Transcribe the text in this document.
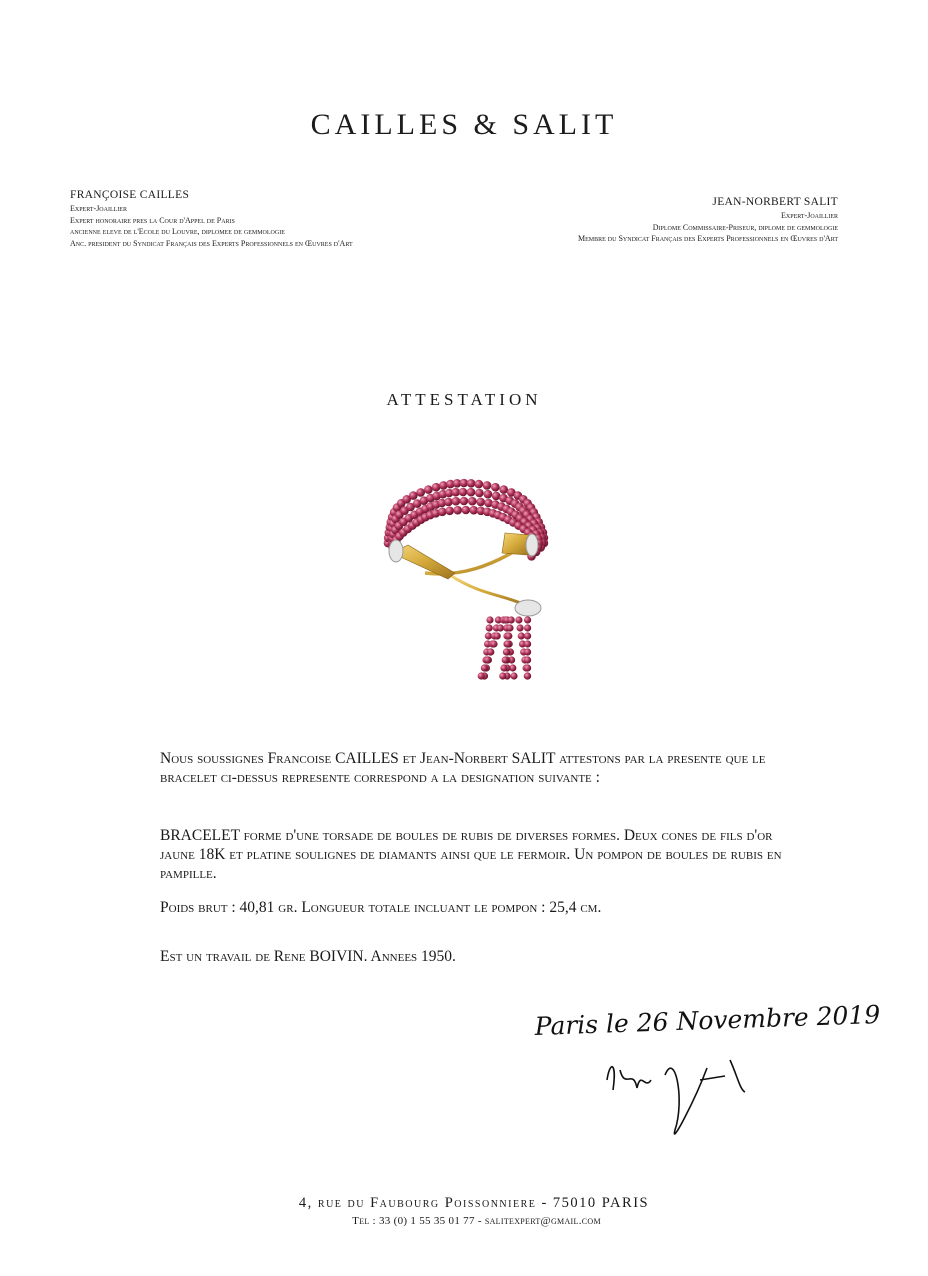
CAILLES & SALIT
FRANÇOISE CAILLES
Expert-Joaillier
Expert honoraire pres la Cour d'Appel de Paris
ancienne eleve de l'Ecole du Louvre, diplomee de gemmologie
Anc. president du Syndicat Français des Experts Professionnels en Œuvres d'Art
JEAN-NORBERT SALIT
Expert-Joaillier
Diplome Commissaire-Priseur, diplome de gemmologie
Membre du Syndicat Français des Experts Professionnels en Œuvres d'Art
ATTESTATION

Nous soussignes Francoise CAILLES et Jean-Norbert SALIT attestons par la presente que le bracelet ci-dessus represente correspond a la designation suivante :

BRACELET forme d'une torsade de boules de rubis de diverses formes. Deux cones de fils d'or jaune 18K et platine soulignes de diamants ainsi que le fermoir. Un pompon de boules de rubis en pampille.

Poids brut : 40,81 gr. Longueur totale incluant le pompon : 25,4 cm.

Est un travail de Rene BOIVIN. Annees 1950.

Paris le 26 Novembre 2019
4, rue du Faubourg Poissonniere - 75010 PARIS
Tel : 33 (0) 1 55 35 01 77 - salitexpert@gmail.com
